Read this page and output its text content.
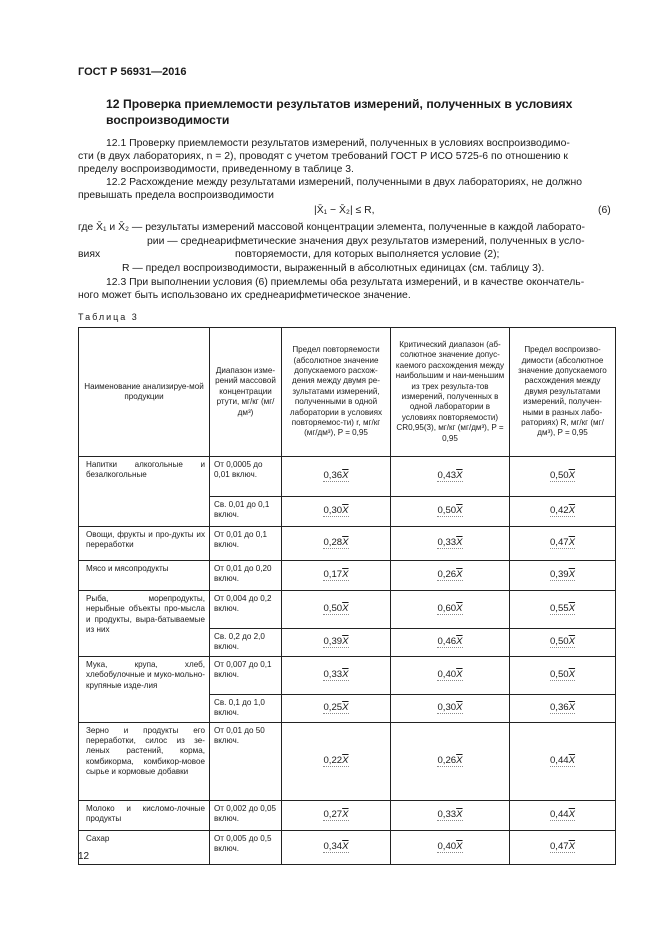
ГОСТ Р 56931—2016
12 Проверка приемлемости результатов измерений, полученных в условиях воспроизводимости
12.1 Проверку приемлемости результатов измерений, полученных в условиях воспроизводимо-
сти (в двух лабораториях, n = 2), проводят с учетом требований ГОСТ Р ИСО 5725-6 по отношению к
пределу воспроизводимости, приведенному в таблице 3.
12.2 Расхождение между результатами измерений, полученными в двух лабораториях, не должно
превышать предела воспроизводимости
|X̄₁ − X̄₂| ≤ R,	(6)
где X̄₁ и X̄₂ — результаты измерений массовой концентрации элемента, полученные в каждой лаборато-
рии — среднеарифметические значения двух результатов измерений, полученных в усло-
виях	повторяемости, для которых выполняется условие (2);
R — предел воспроизводимости, выраженный в абсолютных единицах (см. таблицу 3).
12.3 При выполнении условия (6) приемлемы оба результата измерений, и в качестве окончатель-
ного может быть использовано их среднеарифметическое значение.
Таблица 3
Наименование анализируе-мой продукции	Диапазон изме-рений массовой концентрации ртути, мг/кг (мг/дм³)	Предел повторяемости (абсолютное значение допускаемого расхож-дения между двумя ре-зультатами измерений, полученными в одной лаборатории в условиях повторяемос-ти) r, мг/кг (мг/дм³), P = 0,95	Критический диапазон (аб-солютное значение допус-каемого расхождения между наибольшим и наи-меньшим из трех результа-тов измерений, полученных в одной лаборатории в условиях повторяемости) CR0,95(3), мг/кг (мг/дм³), P = 0,95	Предел воспроизво-димости (абсолютное значение допускаемого расхождения между двумя результатами измерений, получен-ными в разных лабо-раториях) R, мг/кг (мг/дм³), P = 0,95
Напитки алкогольные и безалкогольные	От 0,0005 до 0,01 включ.	$0,36\overline{X}$	$0,43\overline{X}$	$0,50\overline{X}$
	Св. 0,01 до 0,1 включ.	$0,30\overline{X}$	$0,50\overline{X}$	$0,42\overline{X}$
Овощи, фрукты и про-дукты их переработки	От 0,01 до 0,1 включ.	$0,28\overline{X}$	$0,33\overline{X}$	$0,47\overline{X}$
Мясо и мясопродукты	От 0,01 до 0,20 включ.	$0,17\overline{X}$	$0,26\overline{X}$	$0,39\overline{X}$
Рыба, морепродукты, нерыбные объекты про-мысла и продукты, выра-батываемые из них	От 0,004 до 0,2 включ.	$0,50\overline{X}$	$0,60\overline{X}$	$0,55\overline{X}$
	Св. 0,2 до 2,0 включ.	$0,39\overline{X}$	$0,46\overline{X}$	$0,50\overline{X}$
Мука, крупа, хлеб, хлебобулочные и муко-мольно-крупяные изде-лия	От 0,007 до 0,1 включ.	$0,33\overline{X}$	$0,40\overline{X}$	$0,50\overline{X}$
	Св. 0,1 до 1,0 включ.	$0,25\overline{X}$	$0,30\overline{X}$	$0,36\overline{X}$
Зерно и продукты его переработки, силос из зе-леных растений, корма, комбикорма, комбикор-мовое сырье и кормовые добавки	От 0,01 до 50 включ.	$0,22\overline{X}$	$0,26\overline{X}$	$0,44\overline{X}$
Молоко и кисломо-лочные продукты	От 0,002 до 0,05 включ.	$0,27\overline{X}$	$0,33\overline{X}$	$0,44\overline{X}$
Сахар	От 0,005 до 0,5 включ.	$0,34\overline{X}$	$0,40\overline{X}$	$0,47\overline{X}$
12
